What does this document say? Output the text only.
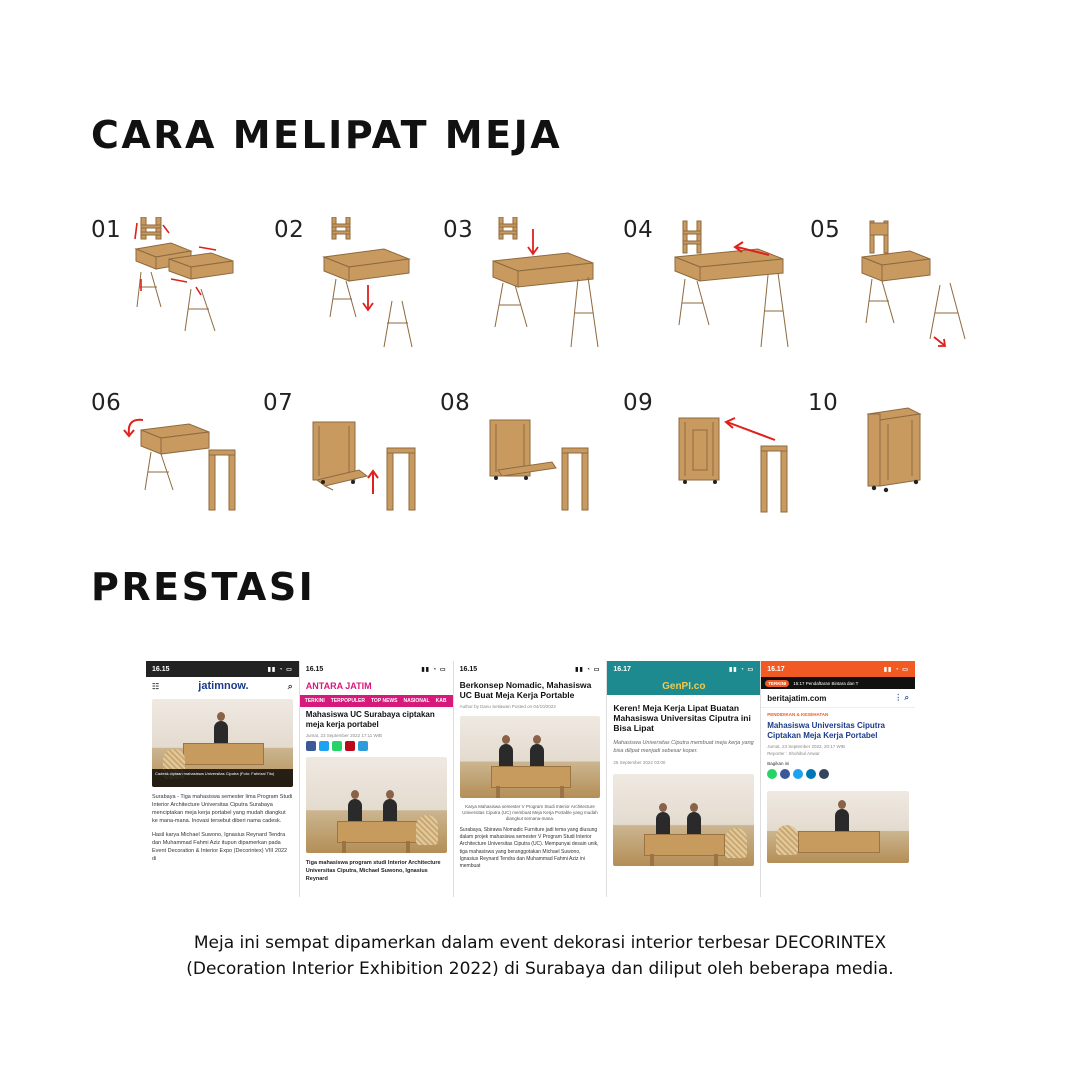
CARA MELIPAT MEJA
01	02	03	04	05
06	07	08	09	10
PRESTASI
16.15	▮▮ ◔ ▭
☷	jatimnow.	⌕
Cadesk ciptaan mahasiswa Universitas Ciputra (Foto: Fahrizal Tito)
Surabaya - Tiga mahasiswa semester lima Program Studi Interior Architecture Universitas Ciputra Surabaya menciptakan meja kerja portabel yang mudah diangkut ke mana-mana. Inovasi tersebut diberi nama cadesk.
Hasil karya Michael Suwono, Ignasius Reynard Tendra dan Muhammad Fahmi Aziz itupun dipamerkan pada Event Decoration & Interior Expo (Decorintex) VIII 2022 di
16.15	▮▮ ◔ ▭
ANTARA JATIM
TERKINI TERPOPULER TOP NEWS NASIONAL KAB
Mahasiswa UC Surabaya ciptakan meja kerja portabel
Jumat, 23 September 2022 17:11 WIB
Tiga mahasiswa program studi Interior Architecture Universitas Ciputra, Michael Suwono, Ignasius Reynard
16.15	▮▮ ◔ ▭
Berkonsep Nomadic, Mahasiswa UC Buat Meja Kerja Portable
Author by Danu Setiawan Posted on 04/10/2022
Karya Mahasiswa semester V Program Studi Interior Architecture Universitas Ciputra (UC) membuat Meja Kerja Portable yang mudah diangkut semana-mana.
Surabaya, Sbirawa Nomadic Furniture jadi tema yang diusung dalam projek mahasiswa semester V Program Studi Interior Architecture Universitas Ciputra (UC). Mempunyai desain unik, tiga mahasiswa yang beranggotakan Michael Suwono, Ignasius Reynard Tendra dan Muhammad Fahmi Aziz ini membuat
16.17	▮▮ ◔ ▭
GenPI.co
Keren! Meja Kerja Lipat Buatan Mahasiswa Universitas Ciputra ini Bisa Lipat
Mahasiswa Universitas Ciputra membuat meja kerja yang bisa dilipat menjadi sebesar koper.
25 September 2022 03:00
16.17	▮▮ ◔ ▭
TERKINI	15:17 Pendaftaran Bintara dan T
beritajatim.com	⋮ ⌕
PENDIDIKAN & KESEHATAN
Mahasiswa Universitas Ciputra Ciptakan Meja Kerja Portabel
Jumat, 23 September 2022, 20:17 WIB
Reporter : Shohibul Anwar
Bagikan ini

Meja ini sempat dipamerkan dalam event dekorasi interior terbesar DECORINTEX
(Decoration Interior Exhibition 2022) di Surabaya dan diliput oleh beberapa media.
